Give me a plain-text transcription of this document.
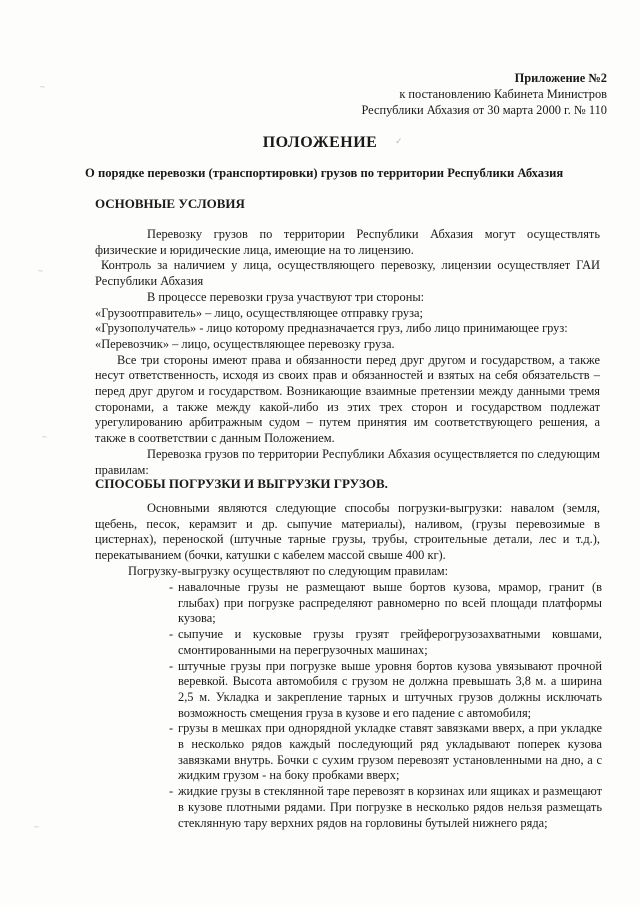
~
~
~
~
✓
Приложение №2
к постановлению Кабинета Министров
Республики Абхазия от 30 марта 2000 г. № 110
ПОЛОЖЕНИЕ
О порядке перевозки (транспортировки) грузов по территории Республики Абхазия
ОСНОВНЫЕ УСЛОВИЯ

Перевозку грузов по территории Республики Абхазия могут осуществлять физические и юридические лица, имеющие на то лицензию.

Контроль за наличием у лица, осуществляющего перевозку, лицензии осуществляет ГАИ Республики Абхазия

В процессе перевозки груза участвуют три стороны:

«Грузоотправитель» – лицо, осуществляющее отправку груза;

«Грузополучатель» - лицо которому предназначается груз, либо лицо принимающее груз:

«Перевозчик» – лицо, осуществляющее перевозку груза.

Все три стороны имеют права и обязанности перед друг другом и государством, а также несут ответственность, исходя из своих прав и обязанностей и взятых на себя обязательств – перед друг другом и государством. Возникающие взаимные претензии между данными тремя сторонами, а также между какой-либо из этих трех сторон и государством подлежат урегулированию арбитражным судом – путем принятия им соответствующего решения, а также в соответствии с данным Положением.

Перевозка грузов по территории Республики Абхазия осуществляется по следующим правилам:

СПОСОБЫ ПОГРУЗКИ И ВЫГРУЗКИ ГРУЗОВ.

Основными являются следующие способы погрузки-выгрузки: навалом (земля, щебень, песок, керамзит и др. сыпучие материалы), наливом, (грузы перевозимые в цистернах), переноской (штучные тарные грузы, трубы, строительные детали, лес и т.д.), перекатыванием (бочки, катушки с кабелем массой свыше 400 кг).

Погрузку-выгрузку осуществляют по следующим правилам:

- навалочные грузы не размещают выше бортов кузова, мрамор, гранит (в глыбах) при погрузке распределяют равномерно по всей площади платформы кузова;
- сыпучие и кусковые грузы грузят грейферогрузозахватными ковшами, смонтированными на перегрузочных машинах;
- штучные грузы при погрузке выше уровня бортов кузова увязывают прочной веревкой. Высота автомобиля с грузом не должна превышать 3,8 м. а ширина 2,5 м. Укладка и закрепление тарных и штучных грузов должны исключать возможность смещения груза в кузове и его падение с автомобиля;
- грузы в мешках при однорядной укладке ставят завязками вверх, а при укладке в несколько рядов каждый последующий ряд укладывают поперек кузова завязками внутрь. Бочки с сухим грузом перевозят установленными на дно, а с жидким грузом - на боку пробками вверх;
- жидкие грузы в стеклянной таре перевозят в корзинах или ящиках и размещают в кузове плотными рядами. При погрузке в несколько рядов нельзя размещать стеклянную тару верхних рядов на горловины бутылей нижнего ряда;
